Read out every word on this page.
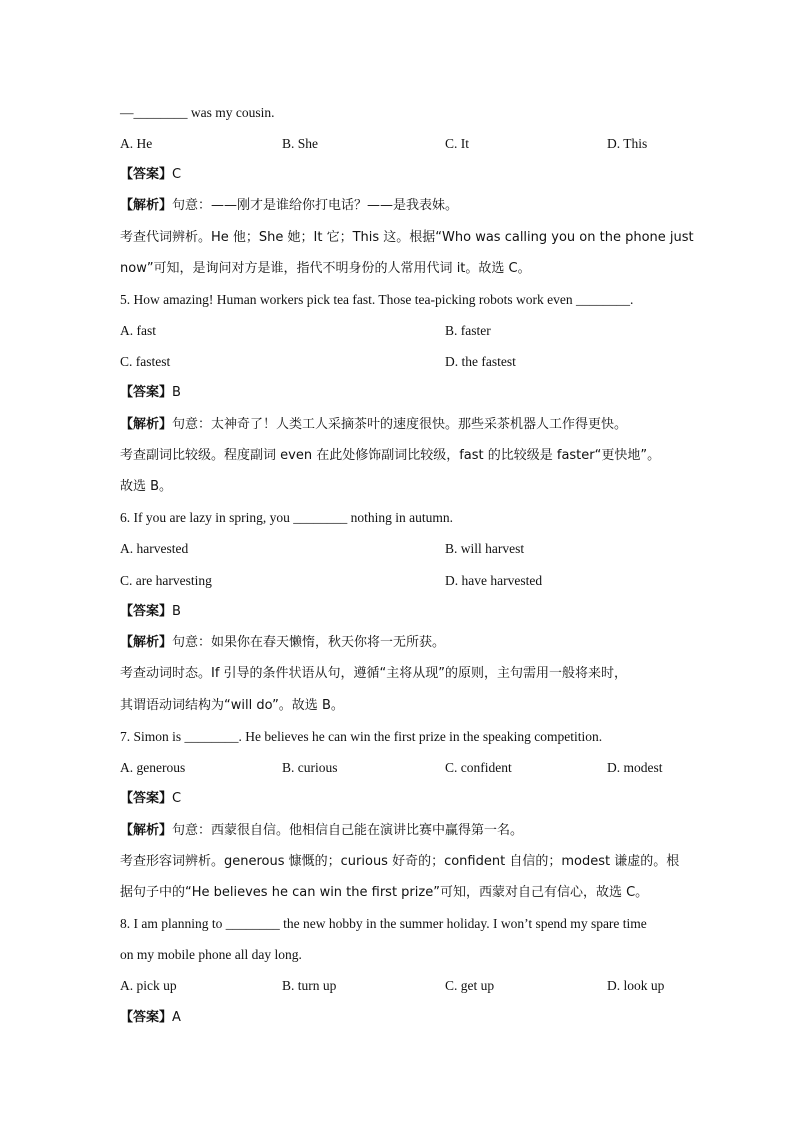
—________ was my cousin.
A. He	B. She	C. It	D. This
【答案】C
【解析】句意：——刚才是谁给你打电话？——是我表妹。
考查代词辨析。He 他；She 她；It 它；This 这。根据“Who was calling you on the phone just
now”可知，是询问对方是谁，指代不明身份的人常用代词 it。故选 C。
5. How amazing! Human workers pick tea fast. Those tea-picking robots work even ________.
A. fast	B. faster
C. fastest	D. the fastest
【答案】B
【解析】句意：太神奇了！人类工人采摘茶叶的速度很快。那些采茶机器人工作得更快。
考查副词比较级。程度副词 even 在此处修饰副词比较级，fast 的比较级是 faster“更快地”。
故选 B。
6. If you are lazy in spring, you ________ nothing in autumn.
A. harvested	B. will harvest
C. are harvesting	D. have harvested
【答案】B
【解析】句意：如果你在春天懒惰，秋天你将一无所获。
考查动词时态。If 引导的条件状语从句，遵循“主将从现”的原则，主句需用一般将来时，
其谓语动词结构为“will do”。故选 B。
7. Simon is ________. He believes he can win the first prize in the speaking competition.
A. generous	B. curious	C. confident	D. modest
【答案】C
【解析】句意：西蒙很自信。他相信自己能在演讲比赛中赢得第一名。
考查形容词辨析。generous 慷慨的；curious 好奇的；confident 自信的；modest 谦虚的。根
据句子中的“He believes he can win the first prize”可知，西蒙对自己有信心，故选 C。
8. I am planning to ________ the new hobby in the summer holiday. I won’t spend my spare time
on my mobile phone all day long.
A. pick up	B. turn up	C. get up	D. look up
【答案】A
